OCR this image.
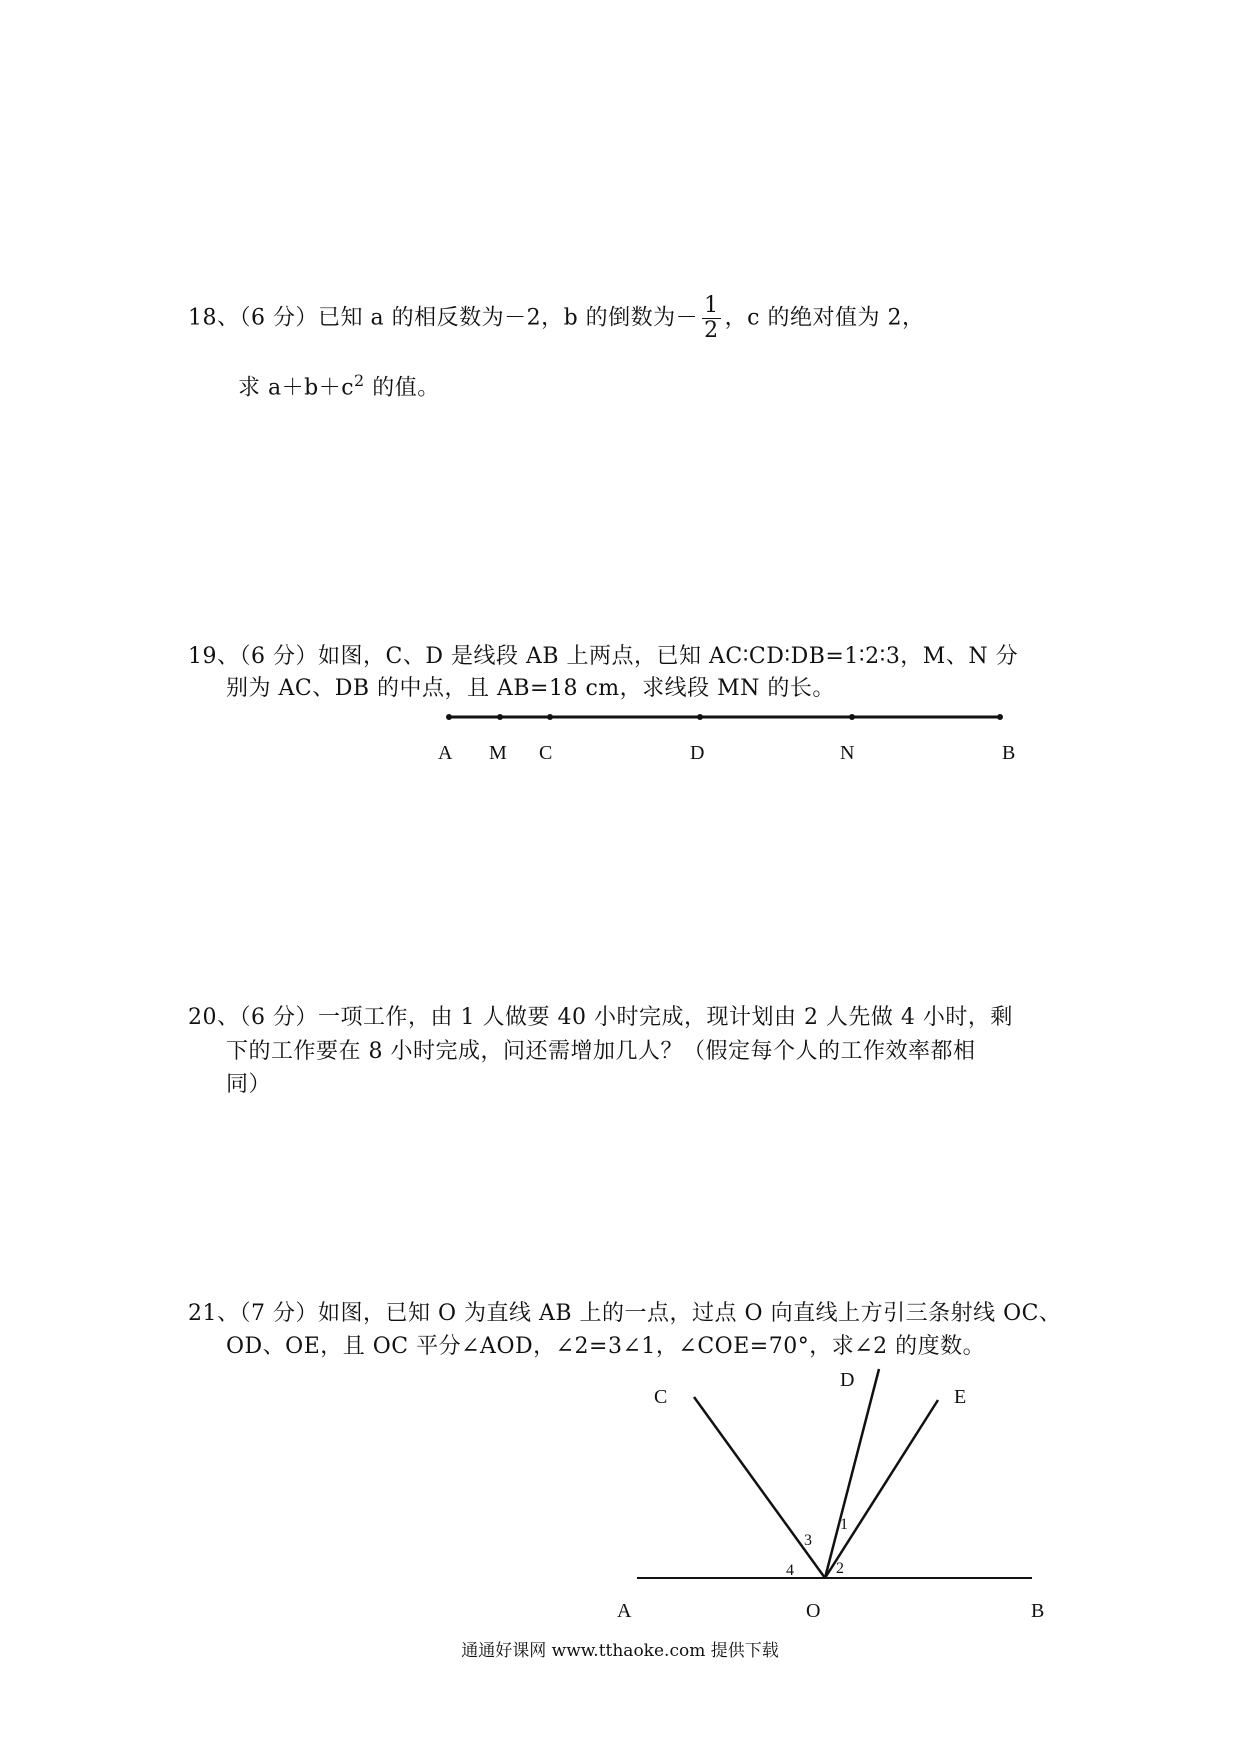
18、（6 分）已知 a 的相反数为－2，b 的倒数为－ $\frac{1}{2}$ ，c 的绝对值为 2，
求 $a+b+c^2$ 的值。
19、（6 分）如图，C、D 是线段 AB 上两点，已知 AC∶CD∶DB=1∶2∶3，M、N 分
别为 AC、DB 的中点，且 AB=18 cm，求线段 MN 的长。
20、（6 分）一项工作，由 1 人做要 40 小时完成，现计划由 2 人先做 4 小时，剩
下的工作要在 8 小时完成，问还需增加几人？（假定每个人的工作效率都相
同）
21、（7 分）如图，已知 O 为直线 AB 上的一点，过点 O 向直线上方引三条射线 OC、
OD、OE，且 OC 平分∠AOD，∠2=3∠1，∠COE=70°，求∠2 的度数。
A M C	D	N	B
A	O	B
C
D
E
1
2
3
4
通通好课网 www.tthaoke.com 提供下载
